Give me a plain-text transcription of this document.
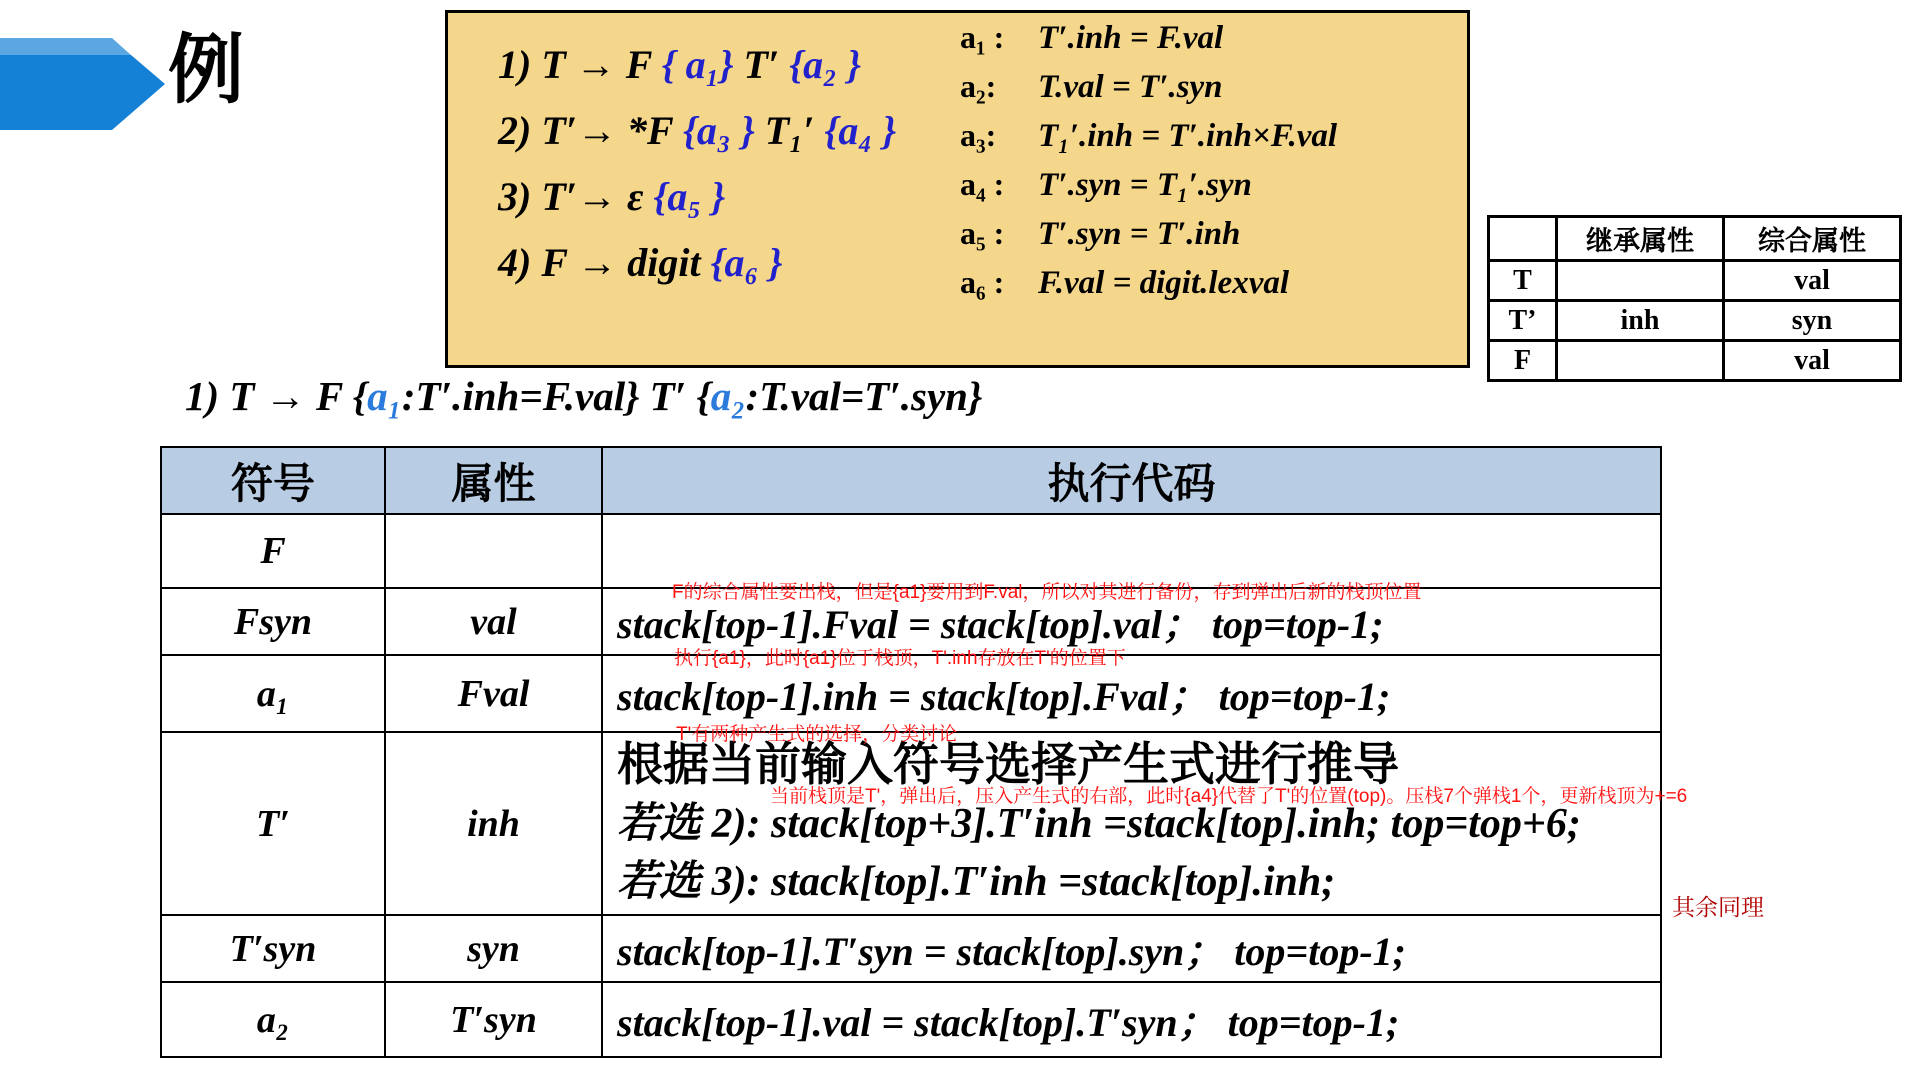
例	1) T → F { a₁} T′ {a₂ }
2) T′→ *F {a₃ } T₁′ {a₄ }
3) T′→ ε {a₅ }
4) F → digit {a₆ }
a₁ :	T′.inh = F.val
a₂:	T.val = T′.syn
a₃:	T₁′.inh = T′.inh×F.val
a₄ :	T′.syn = T₁′.syn
a₅ :	T′.syn = T′.inh
a₆ :	F.val = digit.lexval
	继承属性	综合属性
T		val
T’	inh	syn
F		val
1) T → F {a₁:T′.inh=F.val} T′ {a₂:T.val=T′.syn}
符号	属性	执行代码
F		
Fsyn	val	stack[top-1].Fval = stack[top].val； top=top-1;
a₁	Fval	stack[top-1].inh = stack[top].Fval； top=top-1;
T′	inh	根据当前输入符号选择产生式进行推导
若选 2): stack[top+3].T′inh =stack[top].inh; top=top+6;
若选 3): stack[top].T′inh =stack[top].inh;

T′syn	syn	stack[top-1].T′syn = stack[top].syn； top=top-1;
a₂	T′syn	stack[top-1].val = stack[top].T′syn； top=top-1;
F的综合属性要出栈，但是{a1}要用到F.val，所以对其进行备份，存到弹出后新的栈顶位置
执行{a1}，此时{a1}位于栈顶，T'.inh存放在T'的位置下
T'有两种产生式的选择，分类讨论
当前栈顶是T'，弹出后，压入产生式的右部，此时{a4}代替了T'的位置(top)。压栈7个弹栈1个，更新栈顶为+=6
其余同理
